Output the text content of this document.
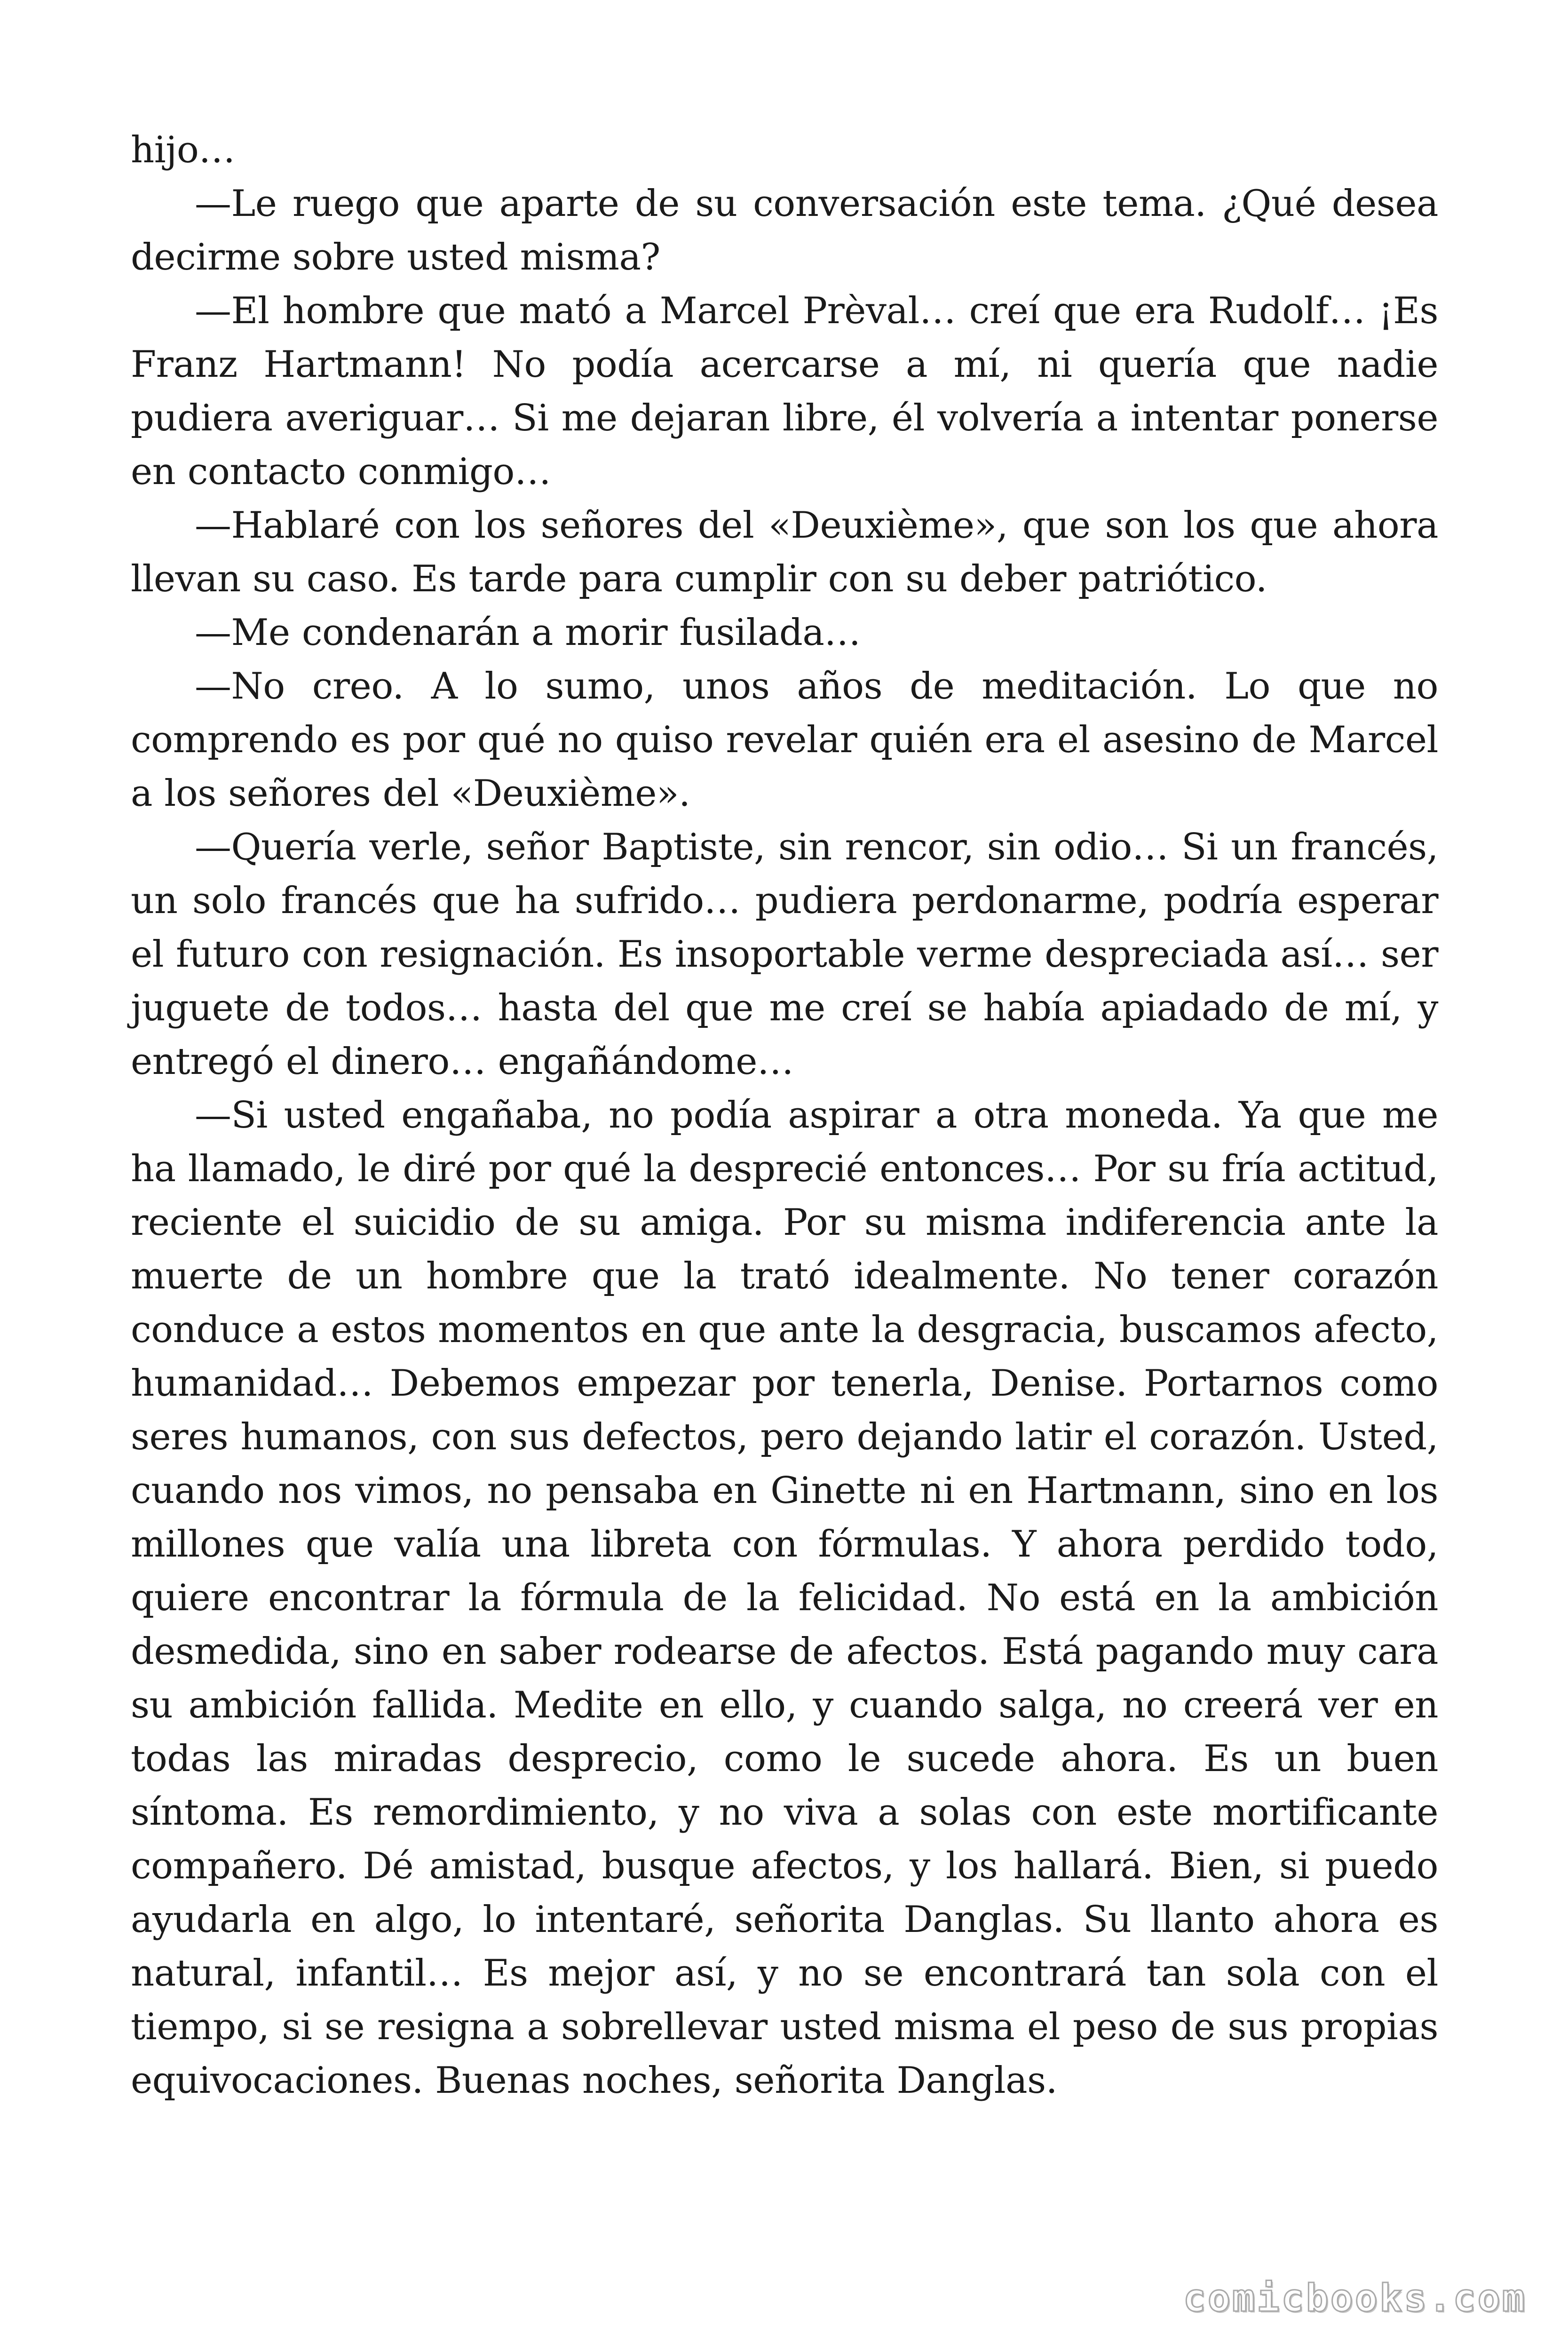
hijo…

—Le ruego que aparte de su conversación este tema. ¿Qué desea decirme sobre usted misma?

—El hombre que mató a Marcel Prèval… creí que era Rudolf… ¡Es Franz Hartmann! No podía acercarse a mí, ni quería que nadie pudiera averiguar… Si me dejaran libre, él volvería a intentar ponerse en contacto conmigo…

—Hablaré con los señores del «Deuxième», que son los que ahora llevan su caso. Es tarde para cumplir con su deber patriótico.

—Me condenarán a morir fusilada…

—No creo. A lo sumo, unos años de meditación. Lo que no comprendo es por qué no quiso revelar quién era el asesino de Marcel a los señores del «Deuxième».

—Quería verle, señor Baptiste, sin rencor, sin odio… Si un francés, un solo francés que ha sufrido… pudiera perdonarme, podría esperar el futuro con resignación. Es insoportable verme despreciada así… ser juguete de todos… hasta del que me creí se había apiadado de mí, y entregó el dinero… engañándome…

—Si usted engañaba, no podía aspirar a otra moneda. Ya que me ha llamado, le diré por qué la desprecié entonces… Por su fría actitud, reciente el suicidio de su amiga. Por su misma indiferencia ante la muerte de un hombre que la trató idealmente. No tener corazón conduce a estos momentos en que ante la desgracia, buscamos afecto, humanidad… Debemos empezar por tenerla, Denise. Portarnos como seres humanos, con sus defectos, pero dejando latir el corazón. Usted, cuando nos vimos, no pensaba en Ginette ni en Hartmann, sino en los millones que valía una libreta con fórmulas. Y ahora perdido todo, quiere encontrar la fórmula de la felicidad. No está en la ambición desmedida, sino en saber rodearse de afectos. Está pagando muy cara su ambición fallida. Medite en ello, y cuando salga, no creerá ver en todas las miradas desprecio, como le sucede ahora. Es un buen síntoma. Es remordimiento, y no viva a solas con este mortificante compañero. Dé amistad, busque afectos, y los hallará. Bien, si puedo ayudarla en algo, lo intentaré, señorita Danglas. Su llanto ahora es natural, infantil… Es mejor así, y no se encontrará tan sola con el tiempo, si se resigna a sobrellevar usted misma el peso de sus propias equivocaciones. Buenas noches, señorita Danglas.

comicbooks.com
